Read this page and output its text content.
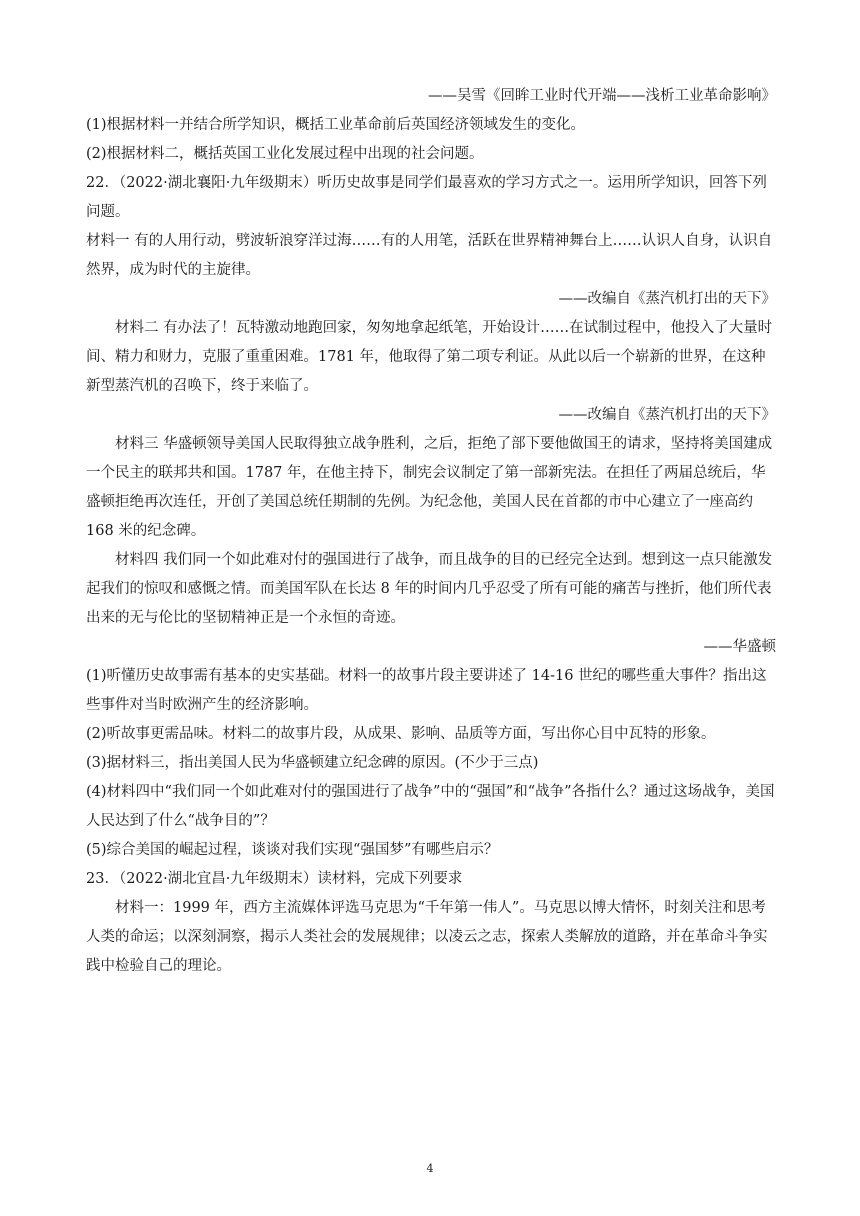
——吴雪《回眸工业时代开端——浅析工业革命影响》

(1)根据材料一并结合所学知识，概括工业革命前后英国经济领域发生的变化。

(2)根据材料二，概括英国工业化发展过程中出现的社会问题。

22．（2022·湖北襄阳·九年级期末）听历史故事是同学们最喜欢的学习方式之一。运用所学知识，回答下列问题。

材料一 有的人用行动，劈波斩浪穿洋过海……有的人用笔，活跃在世界精神舞台上……认识人自身，认识自然界，成为时代的主旋律。

——改编自《蒸汽机打出的天下》

材料二 有办法了！瓦特激动地跑回家，匆匆地拿起纸笔，开始设计……在试制过程中，他投入了大量时间、精力和财力，克服了重重困难。1781 年，他取得了第二项专利证。从此以后一个崭新的世界，在这种新型蒸汽机的召唤下，终于来临了。

——改编自《蒸汽机打出的天下》

材料三 华盛顿领导美国人民取得独立战争胜利，之后，拒绝了部下要他做国王的请求，坚持将美国建成一个民主的联邦共和国。1787 年，在他主持下，制宪会议制定了第一部新宪法。在担任了两届总统后，华盛顿拒绝再次连任，开创了美国总统任期制的先例。为纪念他，美国人民在首都的市中心建立了一座高约 168 米的纪念碑。

材料四 我们同一个如此难对付的强国进行了战争，而且战争的目的已经完全达到。想到这一点只能激发起我们的惊叹和感慨之情。而美国军队在长达 8 年的时间内几乎忍受了所有可能的痛苦与挫折，他们所代表出来的无与伦比的坚韧精神正是一个永恒的奇迹。

——华盛顿

(1)听懂历史故事需有基本的史实基础。材料一的故事片段主要讲述了 14-16 世纪的哪些重大事件？指出这些事件对当时欧洲产生的经济影响。

(2)听故事更需品味。材料二的故事片段，从成果、影响、品质等方面，写出你心目中瓦特的形象。

(3)据材料三，指出美国人民为华盛顿建立纪念碑的原因。(不少于三点)

(4)材料四中“我们同一个如此难对付的强国进行了战争”中的“强国”和“战争”各指什么？通过这场战争，美国人民达到了什么“战争目的”？

(5)综合美国的崛起过程，谈谈对我们实现“强国梦”有哪些启示？

23．（2022·湖北宜昌·九年级期末）读材料，完成下列要求

材料一：1999 年，西方主流媒体评选马克思为“千年第一伟人”。马克思以博大情怀，时刻关注和思考人类的命运；以深刻洞察，揭示人类社会的发展规律；以凌云之志，探索人类解放的道路，并在革命斗争实践中检验自己的理论。

4
